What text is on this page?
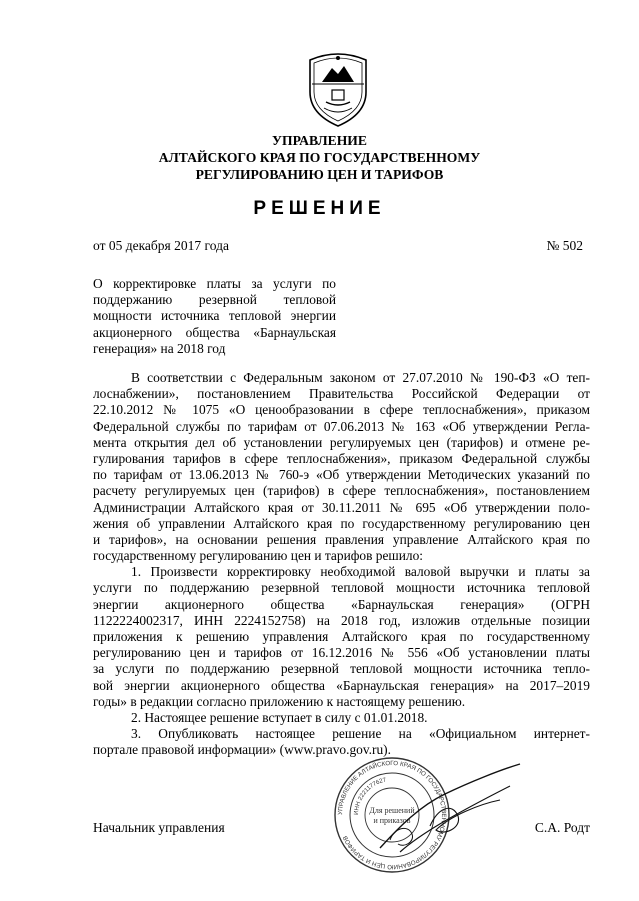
УПРАВЛЕНИЕ
АЛТАЙСКОГО КРАЯ ПО ГОСУДАРСТВЕННОМУ
РЕГУЛИРОВАНИЮ ЦЕН И ТАРИФОВ
РЕШЕНИЕ
от 05 декабря 2017 года	№ 502
О корректировке платы за услуги по
поддержанию резервной тепловой
мощности источника тепловой энергии
акционерного общества «Барнаульская
генерация» на 2018 год
В соответствии с Федеральным законом от 27.07.2010 № 190-ФЗ «О теп-
лоснабжении», постановлением Правительства Российской Федерации от
22.10.2012 № 1075 «О ценообразовании в сфере теплоснабжения», приказом
Федеральной службы по тарифам от 07.06.2013 № 163 «Об утверждении Регла-
мента открытия дел об установлении регулируемых цен (тарифов) и отмене ре-
гулирования тарифов в сфере теплоснабжения», приказом Федеральной службы
по тарифам от 13.06.2013 № 760-э «Об утверждении Методических указаний по
расчету регулируемых цен (тарифов) в сфере теплоснабжения», постановлением
Администрации Алтайского края от 30.11.2011 № 695 «Об утверждении поло-
жения об управлении Алтайского края по государственному регулированию цен
и тарифов», на основании решения правления управление Алтайского края по
государственному регулированию цен и тарифов решило:
1. Произвести корректировку необходимой валовой выручки и платы за
услуги по поддержанию резервной тепловой мощности источника тепловой
энергии акционерного общества «Барнаульская генерация» (ОГРН
1122224002317, ИНН 2224152758) на 2018 год, изложив отдельные позиции
приложения к решению управления Алтайского края по государственному
регулированию цен и тарифов от 16.12.2016 № 556 «Об установлении платы
за услуги по поддержанию резервной тепловой мощности источника тепло-
вой энергии акционерного общества «Барнаульская генерация» на 2017–2019
годы» в редакции согласно приложению к настоящему решению.
2. Настоящее решение вступает в силу с 01.01.2018.
3. Опубликовать настоящее решение на «Официальном интернет-
портале правовой информации» (www.pravo.gov.ru).
УПРАВЛЕНИЕ АЛТАЙСКОГО КРАЯ ПО ГОСУДАРСТВЕННОМУ РЕГУЛИРОВАНИЮ ЦЕН И ТАРИФОВ
ИНН 2221177627
Для решений
и приказов
Начальник управления	С.А. Родт
